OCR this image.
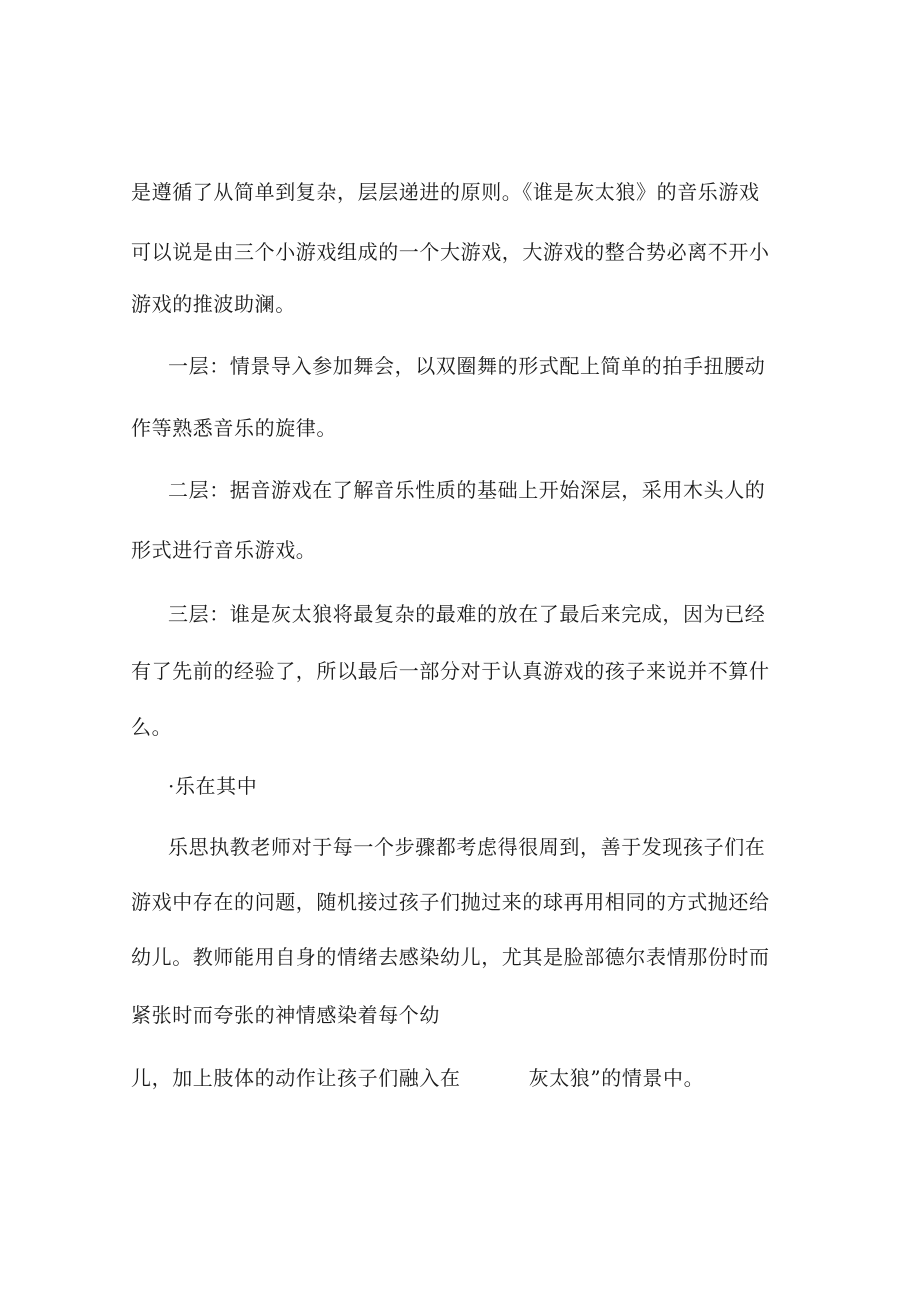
是遵循了从简单到复杂，层层递进的原则。《谁是灰太狼》的音乐游戏
可以说是由三个小游戏组成的一个大游戏，大游戏的整合势必离不开小
游戏的推波助澜。
一层：情景导入参加舞会，以双圈舞的形式配上简单的拍手扭腰动
作等熟悉音乐的旋律。
二层：据音游戏在了解音乐性质的基础上开始深层，采用木头人的
形式进行音乐游戏。
三层：谁是灰太狼将最复杂的最难的放在了最后来完成，因为已经
有了先前的经验了，所以最后一部分对于认真游戏的孩子来说并不算什
么。
·乐在其中
乐思执教老师对于每一个步骤都考虑得很周到，善于发现孩子们在
游戏中存在的问题，随机接过孩子们抛过来的球再用相同的方式抛还给
幼儿。教师能用自身的情绪去感染幼儿，尤其是脸部德尔表情那份时而
紧张时而夸张的神情感染着每个幼
儿，加上肢体的动作让孩子们融入在	灰太狼”的情景中。
